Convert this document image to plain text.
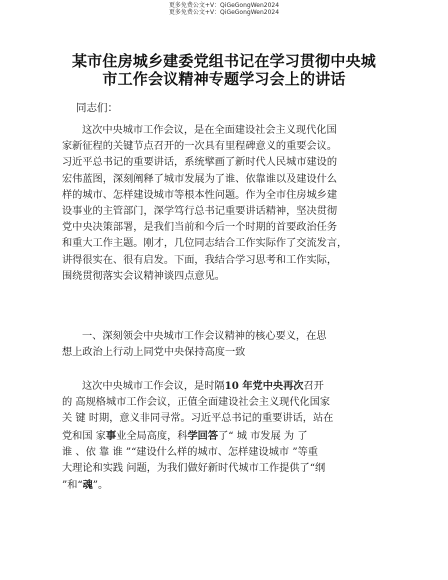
更多免费公文+V：QiGeGongWen2024
更多免费公文+V：QiGeGongWen2024
某市住房城乡建委党组书记在学习贯彻中央城
市工作会议精神专题学习会上的讲话
同志们：
这次中央城市工作会议，是在全面建设社会主义现代化国
家新征程的关键节点召开的一次具有里程碑意义的重要会议。
习近平总书记的重要讲话，系统擘画了新时代人民城市建设的
宏伟蓝图，深刻阐释了城市发展为了谁、依靠谁以及建设什么
样的城市、怎样建设城市等根本性问题。作为全市住房城乡建
设事业的主管部门，深学笃行总书记重要讲话精神，坚决贯彻
党中央决策部署，是我们当前和今后一个时期的首要政治任务
和重大工作主题。刚才，几位同志结合工作实际作了交流发言，
讲得很实在、很有启发。下面，我结合学习思考和工作实际，
围绕贯彻落实会议精神谈四点意见。
一、深刻领会中央城市工作会议精神的核心要义，在思
想上政治上行动上同党中央保持高度一致
这次中央城市工作会议，是时隔10 年党中央再次召开
的 高规格城市工作会议，正值全面建设社会主义现代化国家
关 键 时期，意义非同寻常。习近平总书记的重要讲话，站在
党和国 家事业全局高度，科学回答了“ 城 市发展 为 了
谁 、依 靠 谁 ”“建设什么样的城市、怎样建设城市 ”等重
大理论和实践 问题，为我们做好新时代城市工作提供了“纲
”和“魂”。
